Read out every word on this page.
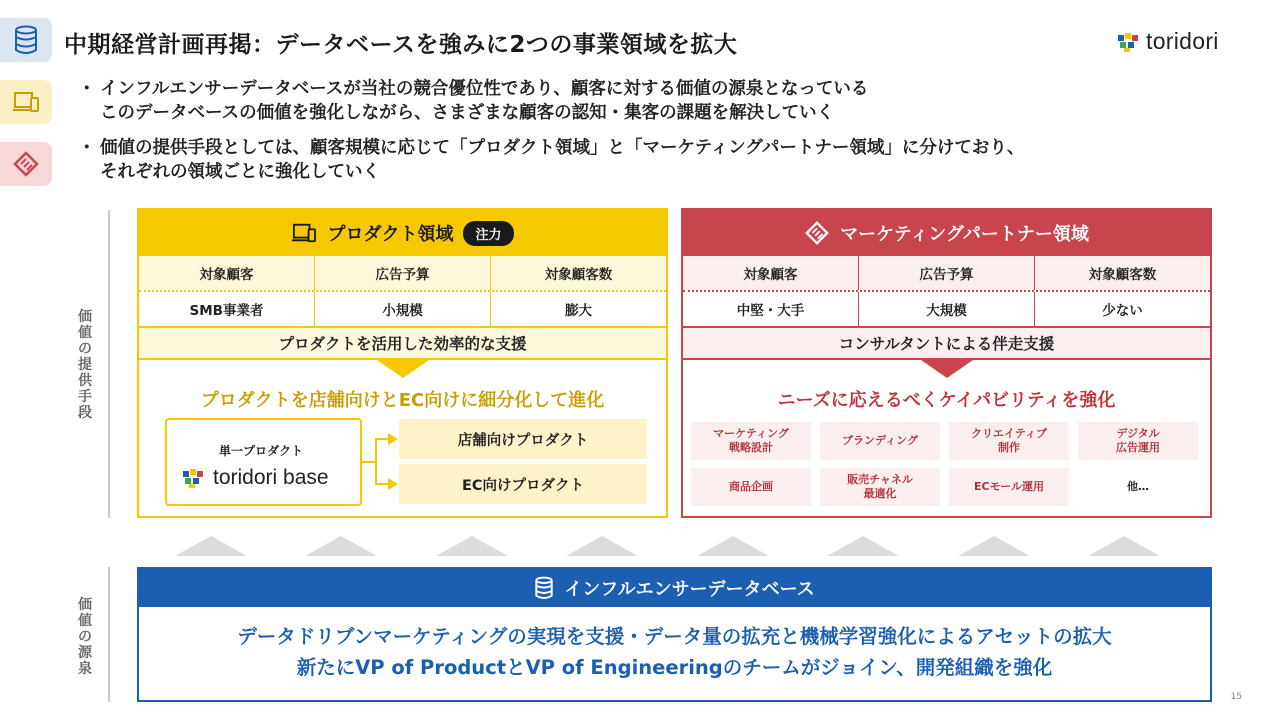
中期経営計画再掲：データベースを強みに2つの事業領域を拡大	toridori
・ インフルエンサーデータベースが当社の競合優位性であり、顧客に対する価値の源泉となっている
このデータベースの価値を強化しながら、さまざまな顧客の認知・集客の課題を解決していく
・ 価値の提供手段としては、顧客規模に応じて「プロダクト領域」と「マーケティングパートナー領域」に分けており、
それぞれの領域ごとに強化していく
価
値
の
提
供
手
段
価
値
の
源
泉
プロダクト領域	注力
対象顧客	広告予算	対象顧客数
SMB事業者	小規模	膨大
プロダクトを活用した効率的な支援
プロダクトを店舗向けとEC向けに細分化して進化
単一プロダクト
toridori base
店舗向けプロダクト
EC向けプロダクト
マーケティングパートナー領域
対象顧客	広告予算	対象顧客数
中堅・大手	大規模	少ない
コンサルタントによる伴走支援
ニーズに応えるべくケイパビリティを強化
マーケティング
戦略設計
ブランディング
クリエイティブ
制作
デジタル
広告運用
商品企画
販売チャネル
最適化
ECモール運用	他…
インフルエンサーデータベース
データドリブンマーケティングの実現を支援・データ量の拡充と機械学習強化によるアセットの拡大
新たにVP of ProductとVP of Engineeringのチームがジョイン、開発組織を強化
15
